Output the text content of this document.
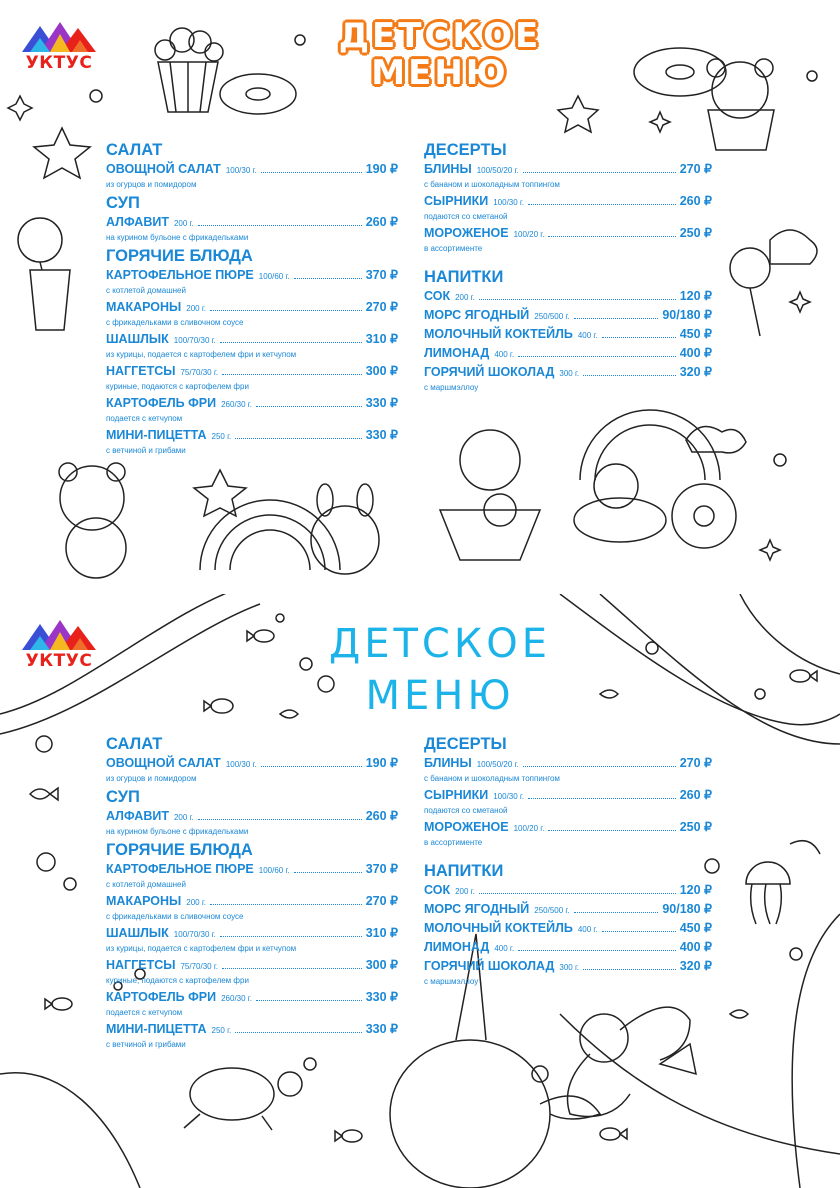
УКТУС
ДЕТСКОЕ
МЕНЮ
САЛАТ
ОВОЩНОЙ САЛАТ 100/30 г.	190 ₽
из огурцов и помидором
СУП
АЛФАВИТ 200 г.	260 ₽
на курином бульоне с фрикадельками
ГОРЯЧИЕ БЛЮДА
КАРТОФЕЛЬНОЕ ПЮРЕ 100/60 г.	370 ₽
с котлетой домашней
МАКАРОНЫ 200 г.	270 ₽
с фрикадельками в сливочном соусе
ШАШЛЫК 100/70/30 г.	310 ₽
из курицы, подается с картофелем фри и кетчупом
НАГГЕТСЫ 75/70/30 г.	300 ₽
куриные, подаются с картофелем фри
КАРТОФЕЛЬ ФРИ 260/30 г.	330 ₽
подается с кетчупом
МИНИ-ПИЦЕТТА 250 г.	330 ₽
с ветчиной и грибами
ДЕСЕРТЫ
БЛИНЫ 100/50/20 г.	270 ₽
с бананом и шоколадным топпингом
СЫРНИКИ 100/30 г.	260 ₽
подаются со сметаной
МОРОЖЕНОЕ 100/20 г.	250 ₽
в ассортименте
НАПИТКИ
СОК 200 г.	120 ₽
МОРС ЯГОДНЫЙ 250/500 г.	90/180 ₽
МОЛОЧНЫЙ КОКТЕЙЛЬ 400 г.	450 ₽
ЛИМОНАД 400 г.	400 ₽
ГОРЯЧИЙ ШОКОЛАД 300 г.	320 ₽
с маршмэллоу
УКТУС	ДЕТСКОЕ
МЕНЮ
САЛАТ
ОВОЩНОЙ САЛАТ 100/30 г.	190 ₽
из огурцов и помидором
СУП
АЛФАВИТ 200 г.	260 ₽
на курином бульоне с фрикадельками
ГОРЯЧИЕ БЛЮДА
КАРТОФЕЛЬНОЕ ПЮРЕ 100/60 г.	370 ₽
с котлетой домашней
МАКАРОНЫ 200 г.	270 ₽
с фрикадельками в сливочном соусе
ШАШЛЫК 100/70/30 г.	310 ₽
из курицы, подается с картофелем фри и кетчупом
НАГГЕТСЫ 75/70/30 г.	300 ₽
куриные, подаются с картофелем фри
КАРТОФЕЛЬ ФРИ 260/30 г.	330 ₽
подается с кетчупом
МИНИ-ПИЦЕТТА 250 г.	330 ₽
с ветчиной и грибами
ДЕСЕРТЫ
БЛИНЫ 100/50/20 г.	270 ₽
с бананом и шоколадным топпингом
СЫРНИКИ 100/30 г.	260 ₽
подаются со сметаной
МОРОЖЕНОЕ 100/20 г.	250 ₽
в ассортименте
НАПИТКИ
СОК 200 г.	120 ₽
МОРС ЯГОДНЫЙ 250/500 г.	90/180 ₽
МОЛОЧНЫЙ КОКТЕЙЛЬ 400 г.	450 ₽
ЛИМОНАД 400 г.	400 ₽
ГОРЯЧИЙ ШОКОЛАД 300 г.	320 ₽
с маршмэллоу
